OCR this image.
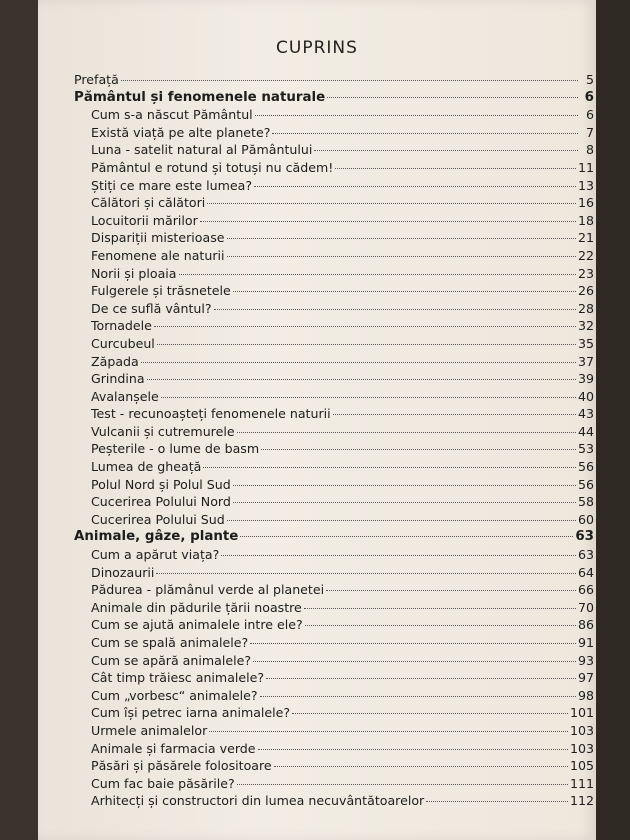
CUPRINS
Prefață	5
Pământul și fenomenele naturale	6
Cum s-a născut Pământul	6
Există viață pe alte planete?	7
Luna - satelit natural al Pământului	8
Pământul e rotund și totuși nu cădem!	11
Știți ce mare este lumea?	13
Călători și călători	16
Locuitorii mărilor	18
Dispariții misterioase	21
Fenomene ale naturii	22
Norii și ploaia	23
Fulgerele și trăsnetele	26
De ce suflă vântul?	28
Tornadele	32
Curcubeul	35
Zăpada	37
Grindina	39
Avalanșele	40
Test - recunoașteți fenomenele naturii	43
Vulcanii și cutremurele	44
Peșterile - o lume de basm	53
Lumea de gheață	56
Polul Nord și Polul Sud	56
Cucerirea Polului Nord	58
Cucerirea Polului Sud	60
Animale, gâze, plante	63
Cum a apărut viața?	63
Dinozaurii	64
Pădurea - plămânul verde al planetei	66
Animale din pădurile țării noastre	70
Cum se ajută animalele intre ele?	86
Cum se spală animalele?	91
Cum se apără animalele?	93
Cât timp trăiesc animalele?	97
Cum „vorbesc“ animalele?	98
Cum își petrec iarna animalele?	101
Urmele animalelor	103
Animale și farmacia verde	103
Păsări și păsărele folositoare	105
Cum fac baie păsările?	111
Arhitecți și constructori din lumea necuvântătoarelor	112
